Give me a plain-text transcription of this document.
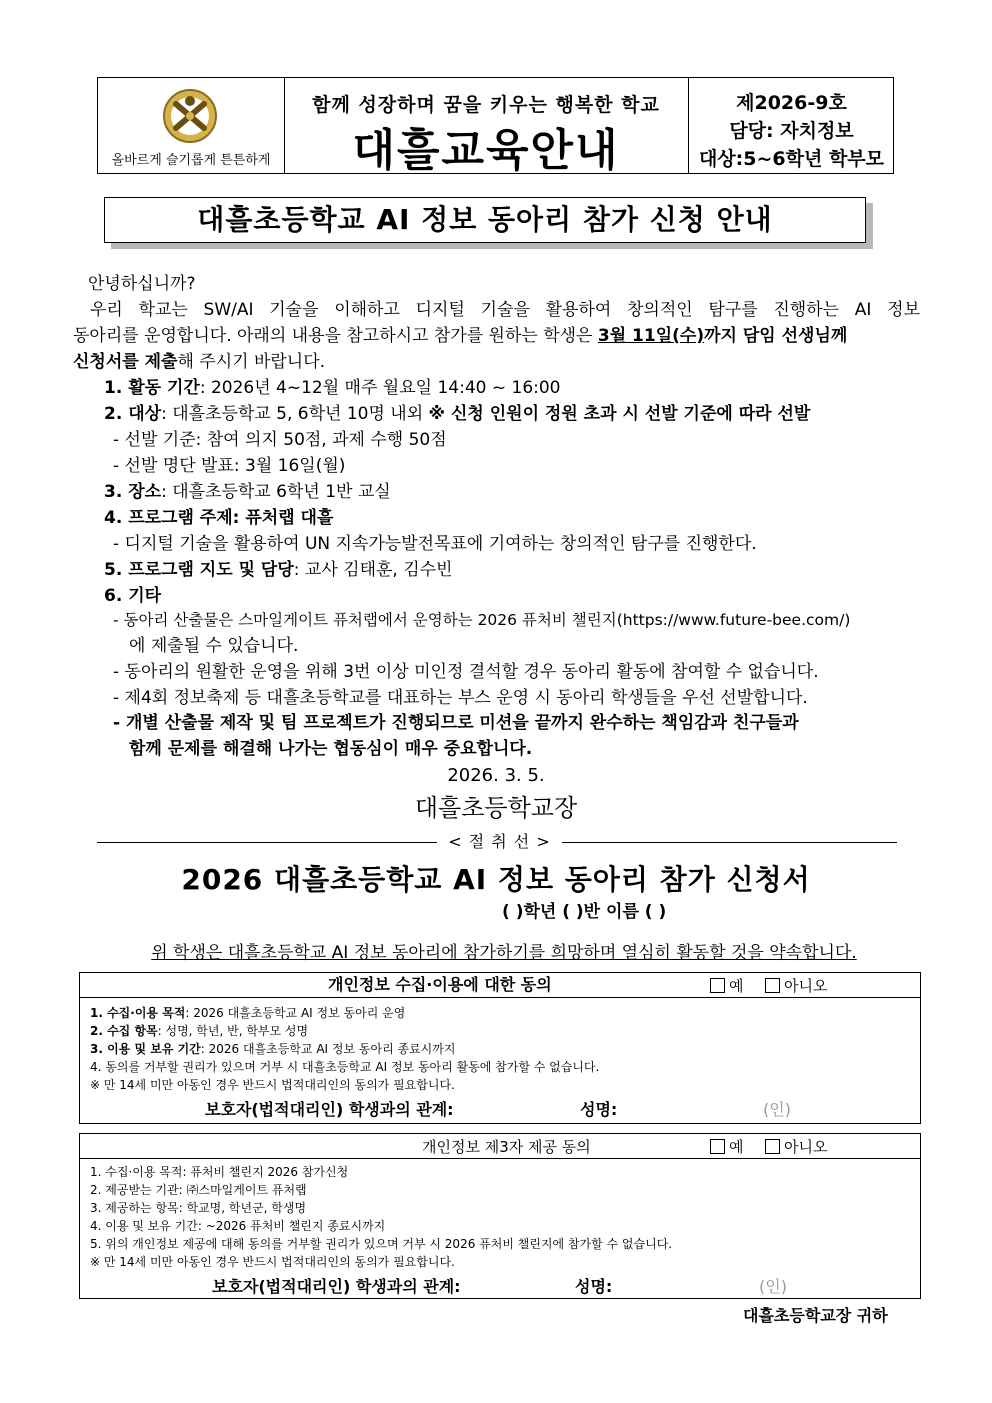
올바르게 슬기롭게 튼튼하게
함께 성장하며 꿈을 키우는 행복한 학교
대흘교육안내
제2026-9호
담당: 자치정보
대상:5~6학년 학부모
대흘초등학교 AI 정보 동아리 참가 신청 안내
안녕하십니까?
우리 학교는 SW/AI 기술을 이해하고 디지털 기술을 활용하여 창의적인 탐구를 진행하는 AI 정보
동아리를 운영합니다. 아래의 내용을 참고하시고 참가를 원하는 학생은 3월 11일(수)까지 담임 선생님께
신청서를 제출해 주시기 바랍니다.
1. 활동 기간: 2026년 4~12월 매주 월요일 14:40 ~ 16:00
2. 대상: 대흘초등학교 5, 6학년 10명 내외 ※ 신청 인원이 정원 초과 시 선발 기준에 따라 선발
- 선발 기준: 참여 의지 50점, 과제 수행 50점
- 선발 명단 발표: 3월 16일(월)
3. 장소: 대흘초등학교 6학년 1반 교실
4. 프로그램 주제: 퓨처랩 대흘
- 디지털 기술을 활용하여 UN 지속가능발전목표에 기여하는 창의적인 탐구를 진행한다.
5. 프로그램 지도 및 담당: 교사 김태훈, 김수빈
6. 기타
- 동아리 산출물은 스마일게이트 퓨처랩에서 운영하는 2026 퓨처비 챌린지(https://www.future-bee.com/)
에 제출될 수 있습니다.
- 동아리의 원활한 운영을 위해 3번 이상 미인정 결석할 경우 동아리 활동에 참여할 수 없습니다.
- 제4회 정보축제 등 대흘초등학교를 대표하는 부스 운영 시 동아리 학생들을 우선 선발합니다.
- 개별 산출물 제작 및 팀 프로젝트가 진행되므로 미션을 끝까지 완수하는 책임감과 친구들과
함께 문제를 해결해 나가는 협동심이 매우 중요합니다.
2026. 3. 5.
대흘초등학교장
< 절 취 선 >
2026 대흘초등학교 AI 정보 동아리 참가 신청서
( )학년 ( )반 이름 ( )
위 학생은 대흘초등학교 AI 정보 동아리에 참가하기를 희망하며 열심히 활동할 것을 약속합니다.
개인정보 수집·이용에 대한 동의	예	아니오
1. 수집·이용 목적: 2026 대흘초등학교 AI 정보 동아리 운영
2. 수집 항목: 성명, 학년, 반, 학부모 성명
3. 이용 및 보유 기간: 2026 대흘초등학교 AI 정보 동아리 종료시까지
4. 동의를 거부할 권리가 있으며 거부 시 대흘초등학교 AI 정보 동아리 활동에 참가할 수 없습니다.
※ 만 14세 미만 아동인 경우 반드시 법적대리인의 동의가 필요합니다.
보호자(법적대리인) 학생과의 관계:	성명:	(인)
개인정보 제3자 제공 동의	예	아니오
1. 수집·이용 목적: 퓨처비 챌린지 2026 참가신청
2. 제공받는 기관: ㈜스마일게이트 퓨처랩
3. 제공하는 항목: 학교명, 학년군, 학생명
4. 이용 및 보유 기간: ~2026 퓨처비 챌린지 종료시까지
5. 위의 개인정보 제공에 대해 동의를 거부할 권리가 있으며 거부 시 2026 퓨처비 챌린지에 참가할 수 없습니다.
※ 만 14세 미만 아동인 경우 반드시 법적대리인의 동의가 필요합니다.
보호자(법적대리인) 학생과의 관계:	성명:	(인)
대흘초등학교장 귀하
